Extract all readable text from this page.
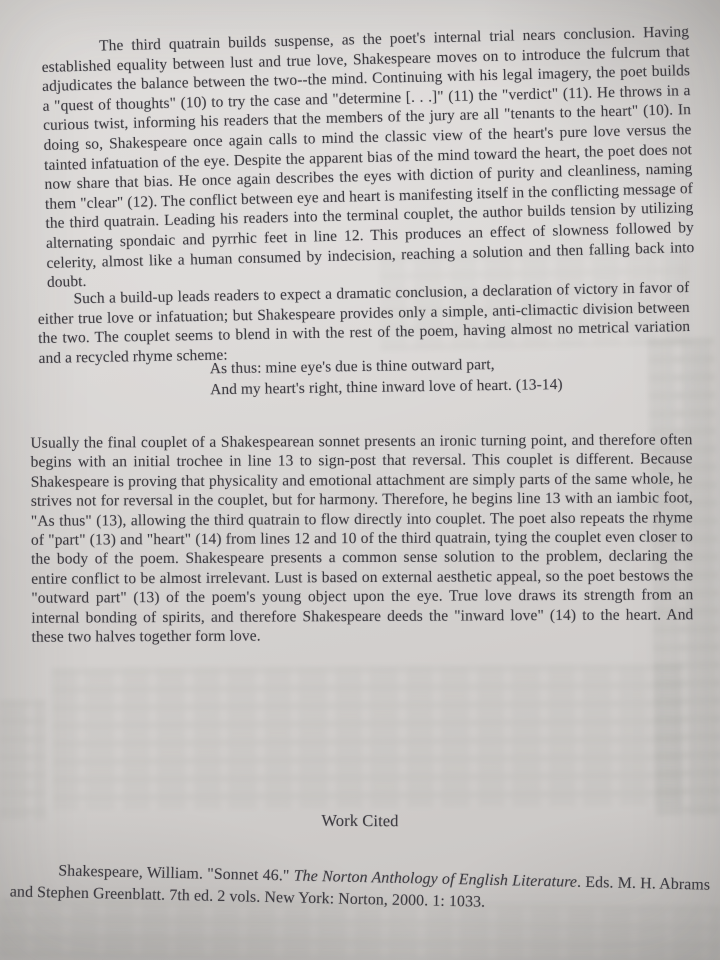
The third quatrain builds suspense, as the poet's internal trial nears conclusion. Having established equality between lust and true love, Shakespeare moves on to introduce the fulcrum that adjudicates the balance between the two--the mind. Continuing with his legal imagery, the poet builds a "quest of thoughts" (10) to try the case and "determine [. . .]" (11) the "verdict" (11). He throws in a curious twist, informing his readers that the members of the jury are all "tenants to the heart" (10). In doing so, Shakespeare once again calls to mind the classic view of the heart's pure love versus the tainted infatuation of the eye. Despite the apparent bias of the mind toward the heart, the poet does not now share that bias. He once again describes the eyes with diction of purity and cleanliness, naming them "clear" (12). The conflict between eye and heart is manifesting itself in the conflicting message of the third quatrain. Leading his readers into the terminal couplet, the author builds tension by utilizing alternating spondaic and pyrrhic feet in line 12. This produces an effect of slowness followed by celerity, almost like a human consumed by indecision, reaching a solution and then falling back into doubt.

Such a build-up leads readers to expect a dramatic conclusion, a declaration of victory in favor of either true love or infatuation; but Shakespeare provides only a simple, anti-climactic division between the two. The couplet seems to blend in with the rest of the poem, having almost no metrical variation and a recycled rhyme scheme:

As thus: mine eye's due is thine outward part,
And my heart's right, thine inward love of heart. (13-14)

Usually the final couplet of a Shakespearean sonnet presents an ironic turning point, and therefore often begins with an initial trochee in line 13 to sign-post that reversal. This couplet is different. Because Shakespeare is proving that physicality and emotional attachment are simply parts of the same whole, he strives not for reversal in the couplet, but for harmony. Therefore, he begins line 13 with an iambic foot, "As thus" (13), allowing the third quatrain to flow directly into couplet. The poet also repeats the rhyme of "part" (13) and "heart" (14) from lines 12 and 10 of the third quatrain, tying the couplet even closer to the body of the poem. Shakespeare presents a common sense solution to the problem, declaring the entire conflict to be almost irrelevant. Lust is based on external aesthetic appeal, so the poet bestows the "outward part" (13) of the poem's young object upon the eye. True love draws its strength from an internal bonding of spirits, and therefore Shakespeare deeds the "inward love" (14) to the heart. And these two halves together form love.

Work Cited

Shakespeare, William. "Sonnet 46." The Norton Anthology of English Literature. Eds. M. H. Abrams and Stephen Greenblatt. 7th ed. 2 vols. New York: Norton, 2000. 1: 1033.
